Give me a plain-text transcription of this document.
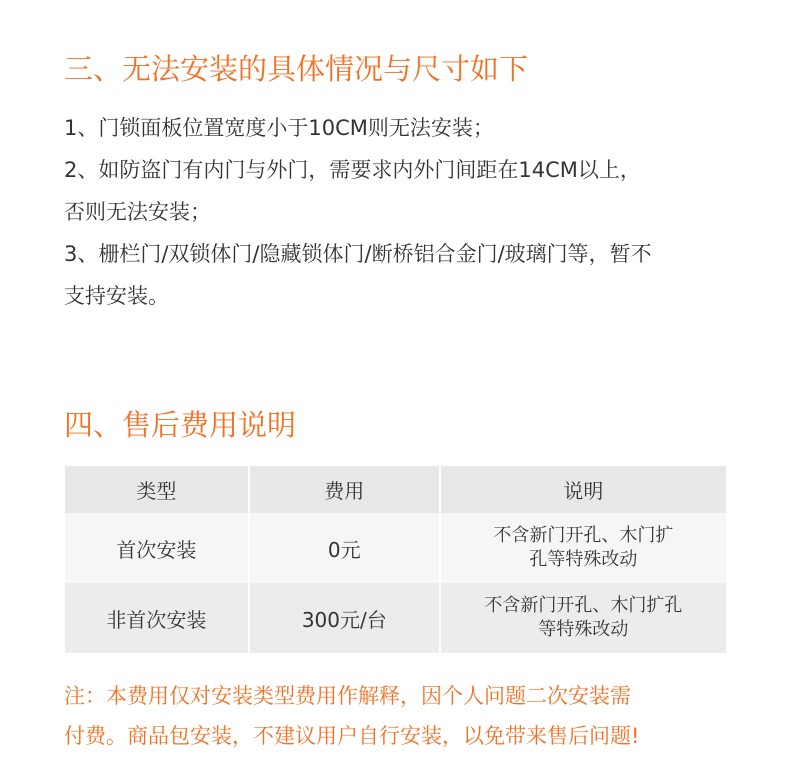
三、无法安装的具体情况与尺寸如下

1、门锁面板位置宽度小于10CM则无法安装；

2、如防盗门有内门与外门，需要求内外门间距在14CM以上，

否则无法安装；

3、栅栏门/双锁体门/隐藏锁体门/断桥铝合金门/玻璃门等，暂不

支持安装。

四、售后费用说明
类型	费用	说明
首次安装	0元	不含新门开孔、木门扩
孔等特殊改动

非首次安装	300元/台	不含新门开孔、木门扩孔
等特殊改动

注：本费用仅对安装类型费用作解释，因个人问题二次安装需

付费。商品包安装，不建议用户自行安装，以免带来售后问题!
